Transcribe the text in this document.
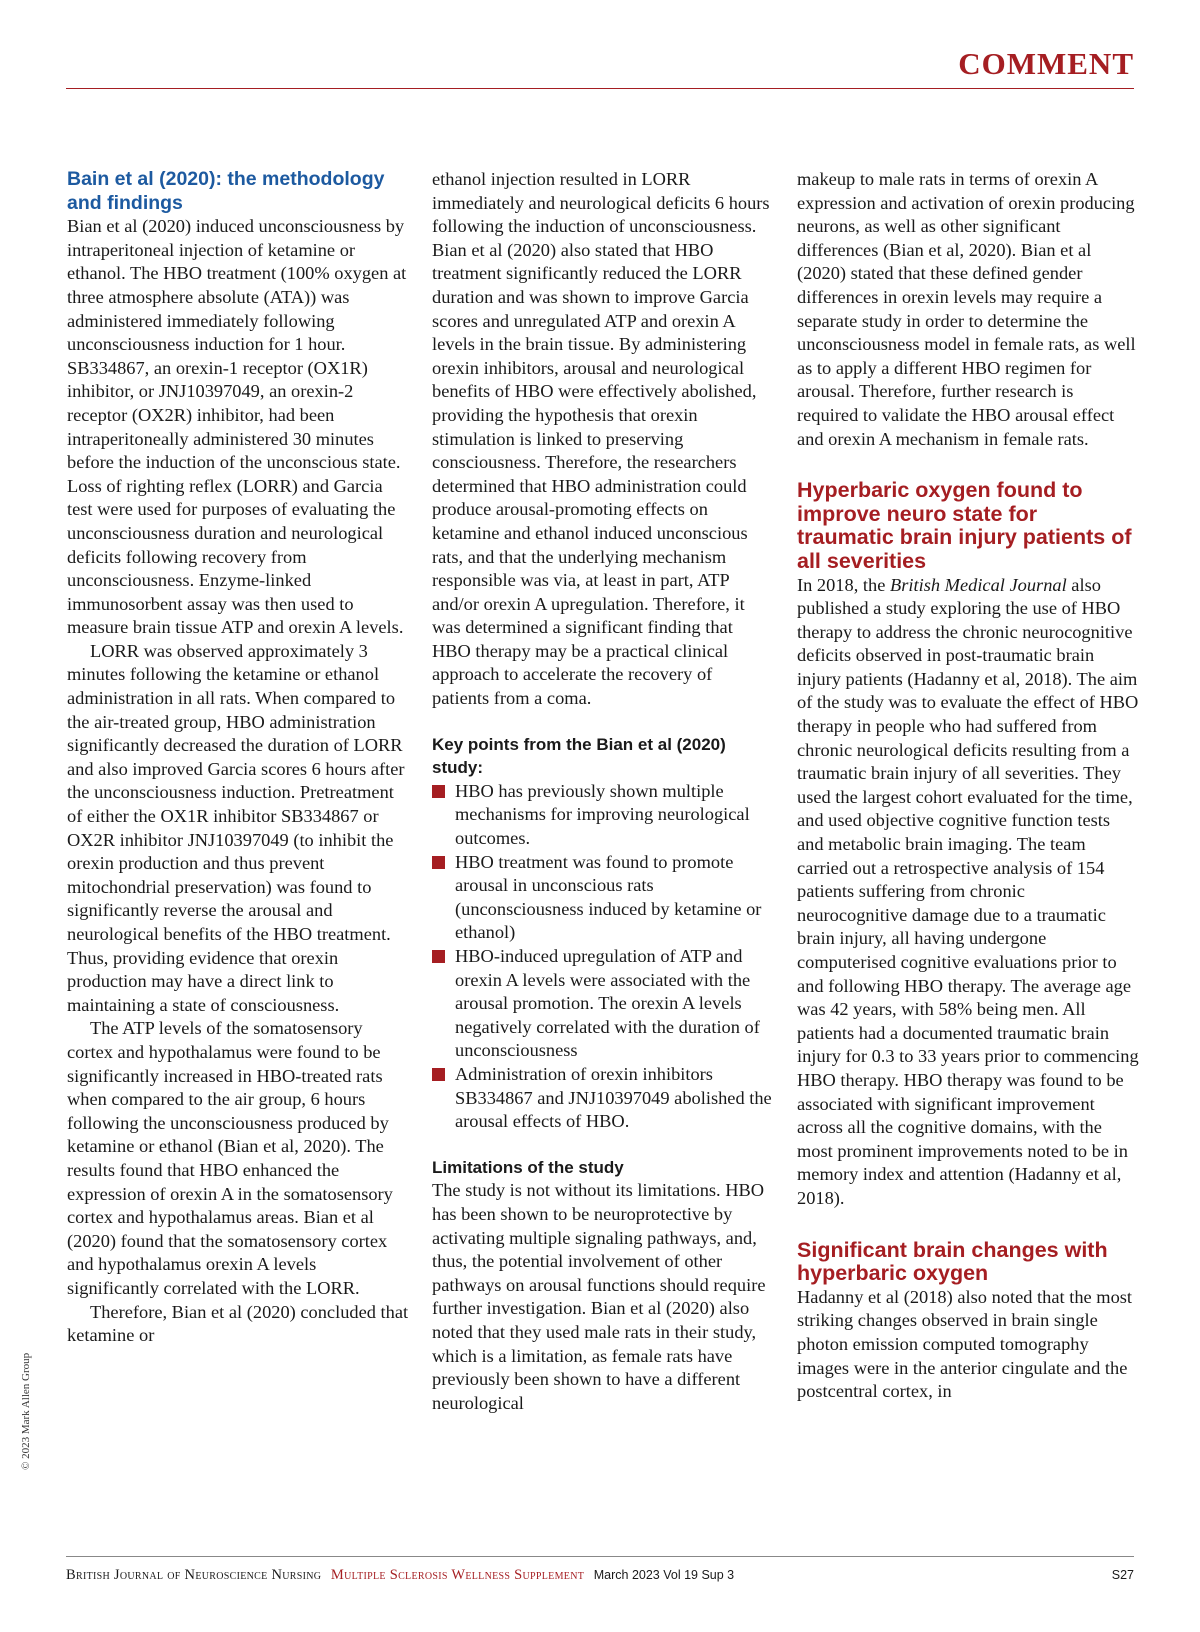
COMMENT
Bain et al (2020): the methodology and findings

Bian et al (2020) induced unconsciousness by intraperitoneal injection of ketamine or ethanol. The HBO treatment (100% oxygen at three atmosphere absolute (ATA)) was administered immediately following unconsciousness induction for 1 hour. SB334867, an orexin-1 receptor (OX1R) inhibitor, or JNJ10397049, an orexin-2 receptor (OX2R) inhibitor, had been intraperitoneally administered 30 minutes before the induction of the unconscious state. Loss of righting reflex (LORR) and Garcia test were used for purposes of evaluating the unconsciousness duration and neurological deficits following recovery from unconsciousness. Enzyme-linked immunosorbent assay was then used to measure brain tissue ATP and orexin A levels.

LORR was observed approximately 3 minutes following the ketamine or ethanol administration in all rats. When compared to the air-treated group, HBO administration significantly decreased the duration of LORR and also improved Garcia scores 6 hours after the unconsciousness induction. Pretreatment of either the OX1R inhibitor SB334867 or OX2R inhibitor JNJ10397049 (to inhibit the orexin production and thus prevent mitochondrial preservation) was found to significantly reverse the arousal and neurological benefits of the HBO treatment. Thus, providing evidence that orexin production may have a direct link to maintaining a state of consciousness.

The ATP levels of the somatosensory cortex and hypothalamus were found to be significantly increased in HBO-treated rats when compared to the air group, 6 hours following the unconsciousness produced by ketamine or ethanol (Bian et al, 2020). The results found that HBO enhanced the expression of orexin A in the somatosensory cortex and hypothalamus areas. Bian et al (2020) found that the somatosensory cortex and hypothalamus orexin A levels significantly correlated with the LORR.

Therefore, Bian et al (2020) concluded that ketamine or

ethanol injection resulted in LORR immediately and neurological deficits 6 hours following the induction of unconsciousness. Bian et al (2020) also stated that HBO treatment significantly reduced the LORR duration and was shown to improve Garcia scores and unregulated ATP and orexin A levels in the brain tissue. By administering orexin inhibitors, arousal and neurological benefits of HBO were effectively abolished, providing the hypothesis that orexin stimulation is linked to preserving consciousness. Therefore, the researchers determined that HBO administration could produce arousal-promoting effects on ketamine and ethanol induced unconscious rats, and that the underlying mechanism responsible was via, at least in part, ATP and/or orexin A upregulation. Therefore, it was determined a significant finding that HBO therapy may be a practical clinical approach to accelerate the recovery of patients from a coma.

Key points from the Bian et al (2020) study:
HBO has previously shown multiple mechanisms for improving neurological outcomes.
HBO treatment was found to promote arousal in unconscious rats (unconsciousness induced by ketamine or ethanol)
HBO-induced upregulation of ATP and orexin A levels were associated with the arousal promotion. The orexin A levels negatively correlated with the duration of unconsciousness
Administration of orexin inhibitors SB334867 and JNJ10397049 abolished the arousal effects of HBO.
Limitations of the study

The study is not without its limitations. HBO has been shown to be neuroprotective by activating multiple signaling pathways, and, thus, the potential involvement of other pathways on arousal functions should require further investigation. Bian et al (2020) also noted that they used male rats in their study, which is a limitation, as female rats have previously been shown to have a different neurological

makeup to male rats in terms of orexin A expression and activation of orexin producing neurons, as well as other significant differences (Bian et al, 2020). Bian et al (2020) stated that these defined gender differences in orexin levels may require a separate study in order to determine the unconsciousness model in female rats, as well as to apply a different HBO regimen for arousal. Therefore, further research is required to validate the HBO arousal effect and orexin A mechanism in female rats.

Hyperbaric oxygen found to improve neuro state for traumatic brain injury patients of all severities

In 2018, the British Medical Journal also published a study exploring the use of HBO therapy to address the chronic neurocognitive deficits observed in post-traumatic brain injury patients (Hadanny et al, 2018). The aim of the study was to evaluate the effect of HBO therapy in people who had suffered from chronic neurological deficits resulting from a traumatic brain injury of all severities. They used the largest cohort evaluated for the time, and used objective cognitive function tests and metabolic brain imaging. The team carried out a retrospective analysis of 154 patients suffering from chronic neurocognitive damage due to a traumatic brain injury, all having undergone computerised cognitive evaluations prior to and following HBO therapy. The average age was 42 years, with 58% being men. All patients had a documented traumatic brain injury for 0.3 to 33 years prior to commencing HBO therapy. HBO therapy was found to be associated with significant improvement across all the cognitive domains, with the most prominent improvements noted to be in memory index and attention (Hadanny et al, 2018).

Significant brain changes with hyperbaric oxygen

Hadanny et al (2018) also noted that the most striking changes observed in brain single photon emission computed tomography images were in the anterior cingulate and the postcentral cortex, in

© 2023 Mark Allen Group
British Journal of Neuroscience Nursing Multiple Sclerosis Wellness Supplement March 2023 Vol 19 Sup 3	S27
